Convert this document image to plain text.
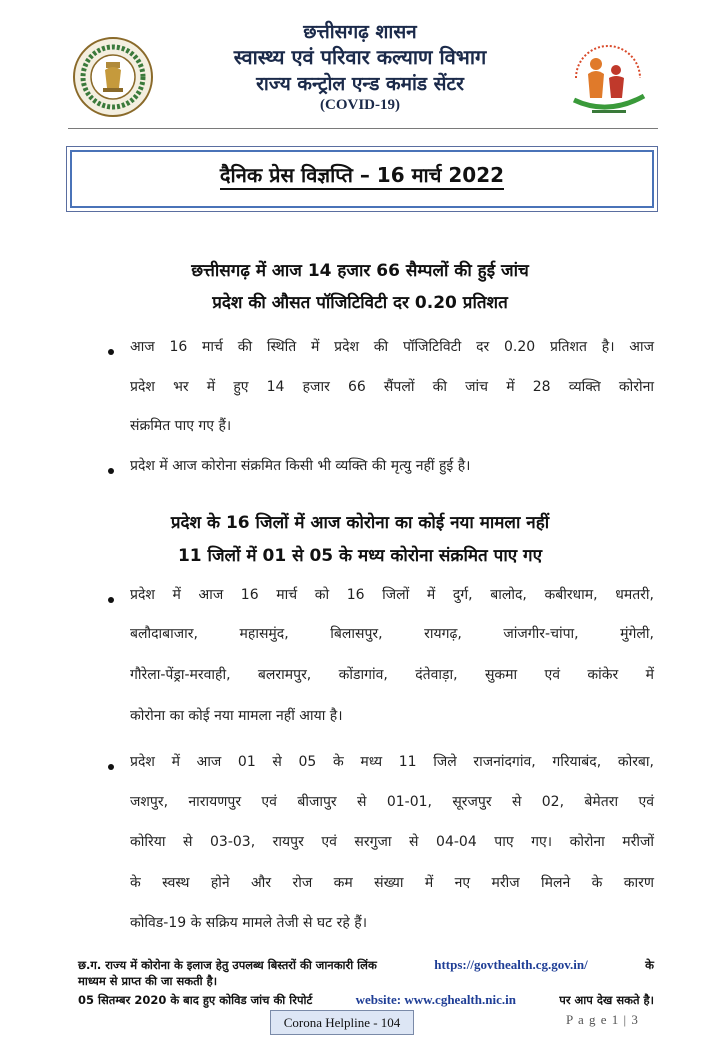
छत्तीसगढ़ शासन
स्वास्थ्य एवं परिवार कल्याण विभाग
राज्य कन्ट्रोल एन्ड कमांड सेंटर
(COVID-19)
दैनिक प्रेस विज्ञप्ति – 16 मार्च 2022
छत्तीसगढ़ में आज 14 हजार 66 सैम्पलों की हुई जांच
प्रदेश की औसत पॉजिटिविटी दर 0.20 प्रतिशत
आज 16 मार्च की स्थिति में प्रदेश की पॉजिटिविटी दर 0.20 प्रतिशत है। आज
प्रदेश भर में हुए 14 हजार 66 सैंपलों की जांच में 28 व्यक्ति कोरोना
संक्रमित पाए गए हैं।
प्रदेश में आज कोरोना संक्रमित किसी भी व्यक्ति की मृत्यु नहीं हुई है।
प्रदेश के 16 जिलों में आज कोरोना का कोई नया मामला नहीं
11 जिलों में 01 से 05 के मध्य कोरोना संक्रमित पाए गए
प्रदेश में आज 16 मार्च को 16 जिलों में दुर्ग, बालोद, कबीरधाम, धमतरी,
बलौदाबाजार, महासमुंद, बिलासपुर, रायगढ़, जांजगीर-चांपा, मुंगेली,
गौरेला-पेंड्रा-मरवाही, बलरामपुर, कोंडागांव, दंतेवाड़ा, सुकमा एवं कांकेर में
कोरोना का कोई नया मामला नहीं आया है।
प्रदेश में आज 01 से 05 के मध्य 11 जिले राजनांदगांव, गरियाबंद, कोरबा,
जशपुर, नारायणपुर एवं बीजापुर से 01-01, सूरजपुर से 02, बेमेतरा एवं
कोरिया से 03-03, रायपुर एवं सरगुजा से 04-04 पाए गए। कोरोना मरीजों
के स्वस्थ होने और रोज कम संख्या में नए मरीज मिलने के कारण
कोविड-19 के सक्रिय मामले तेजी से घट रहे हैं।
छ.ग. राज्य में कोरोना के इलाज हेतु उपलब्ध बिस्तरों की जानकारी लिंक	https://govthealth.cg.gov.in/	के
माध्यम से प्राप्त की जा सकती है।
05 सितम्बर 2020 के बाद हुए कोविड जांच की रिपोर्ट	website: www.cghealth.nic.in	पर आप देख सकते है।
Corona Helpline - 104	P a g e 1 | 3
